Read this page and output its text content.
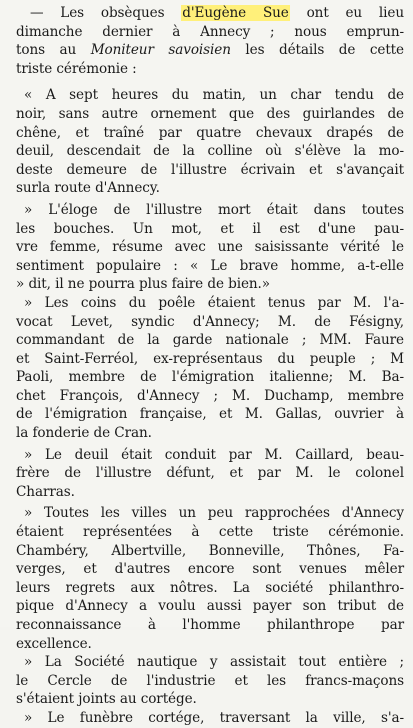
— Les obsèques d'Eugène Sue ont eu lieu
dimanche dernier à Annecy ; nous emprun-
tons au Moniteur savoisien les détails de cette
triste cérémonie :
« A sept heures du matin, un char tendu de
noir, sans autre ornement que des guirlandes de
chêne, et traîné par quatre chevaux drapés de
deuil, descendait de la colline où s'élève la mo-
deste demeure de l'illustre écrivain et s'avançait
surla route d'Annecy.
» L'éloge de l'illustre mort était dans toutes
les bouches. Un mot, et il est d'une pau-
vre femme, résume avec une saisissante vérité le
sentiment populaire : « Le brave homme, a-t-elle
» dit, il ne pourra plus faire de bien.»
» Les coins du poêle étaient tenus par M. l'a-
vocat Levet, syndic d'Annecy; M. de Fésigny,
commandant de la garde nationale ; MM. Faure
et Saint-Ferréol, ex-représentaus du peuple ; M
Paoli, membre de l'émigration italienne; M. Ba-
chet François, d'Annecy ; M. Duchamp, membre
de l'émigration française, et M. Gallas, ouvrier à
la fonderie de Cran.
» Le deuil était conduit par M. Caillard, beau-
frère de l'illustre défunt, et par M. le colonel
Charras.
» Toutes les villes un peu rapprochées d'Annecy
étaient représentées à cette triste cérémonie.
Chambéry, Albertville, Bonneville, Thônes, Fa-
verges, et d'autres encore sont venues mêler
leurs regrets aux nôtres. La société philanthro-
pique d'Annecy a voulu aussi payer son tribut de
reconnaissance à l'homme philanthrope par
excellence.
» La Société nautique y assistait tout entière ;
le Cercle de l'industrie et les francs-maçons
s'étaient joints au cortége.
» Le funèbre cortége, traversant la ville, s'a-
